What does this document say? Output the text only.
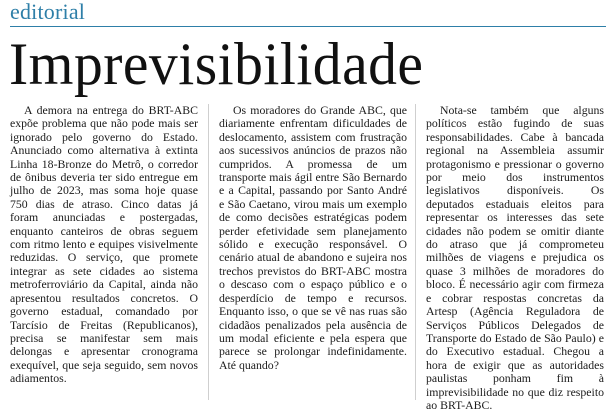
editorial
Imprevisibilidade

A demora na entrega do BRT-ABC expõe problema que não pode mais ser ignorado pelo governo do Estado. Anunciado como alternativa à extinta Linha 18-Bronze do Metrô, o corredor de ônibus deveria ter sido entregue em julho de 2023, mas soma hoje quase 750 dias de atraso. Cinco datas já foram anunciadas e postergadas, enquanto canteiros de obras seguem com ritmo lento e equipes visivelmente reduzidas. O serviço, que promete integrar as sete cidades ao sistema metroferroviário da Capital, ainda não apresentou resultados concretos. O governo estadual, comandado por Tarcísio de Freitas (Republicanos), precisa se manifestar sem mais delongas e apresentar cronograma exequível, que seja seguido, sem novos adiamentos.

Os moradores do Grande ABC, que diariamente enfrentam dificuldades de deslocamento, assistem com frustração aos sucessivos anúncios de prazos não cumpridos. A promessa de um transporte mais ágil entre São Bernardo e a Capital, passando por Santo André e São Caetano, virou mais um exemplo de como decisões estratégicas podem perder efetividade sem planejamento sólido e execução responsável. O cenário atual de abandono e sujeira nos trechos previstos do BRT-ABC mostra o descaso com o espaço público e o desperdício de tempo e recursos. Enquanto isso, o que se vê nas ruas são cidadãos penalizados pela ausência de um modal eficiente e pela espera que parece se prolongar indefinidamente. Até quando?

Nota-se também que alguns políticos estão fugindo de suas responsabilidades. Cabe à bancada regional na Assembleia assumir protagonismo e pressionar o governo por meio dos instrumentos legislativos disponíveis. Os deputados estaduais eleitos para representar os interesses das sete cidades não podem se omitir diante do atraso que já comprometeu milhões de viagens e prejudica os quase 3 milhões de moradores do bloco. É necessário agir com firmeza e cobrar respostas concretas da Artesp (Agência Reguladora de Serviços Públicos Delegados de Transporte do Estado de São Paulo) e do Executivo estadual. Chegou a hora de exigir que as autoridades paulistas ponham fim à imprevisibilidade no que diz respeito ao BRT-ABC.
